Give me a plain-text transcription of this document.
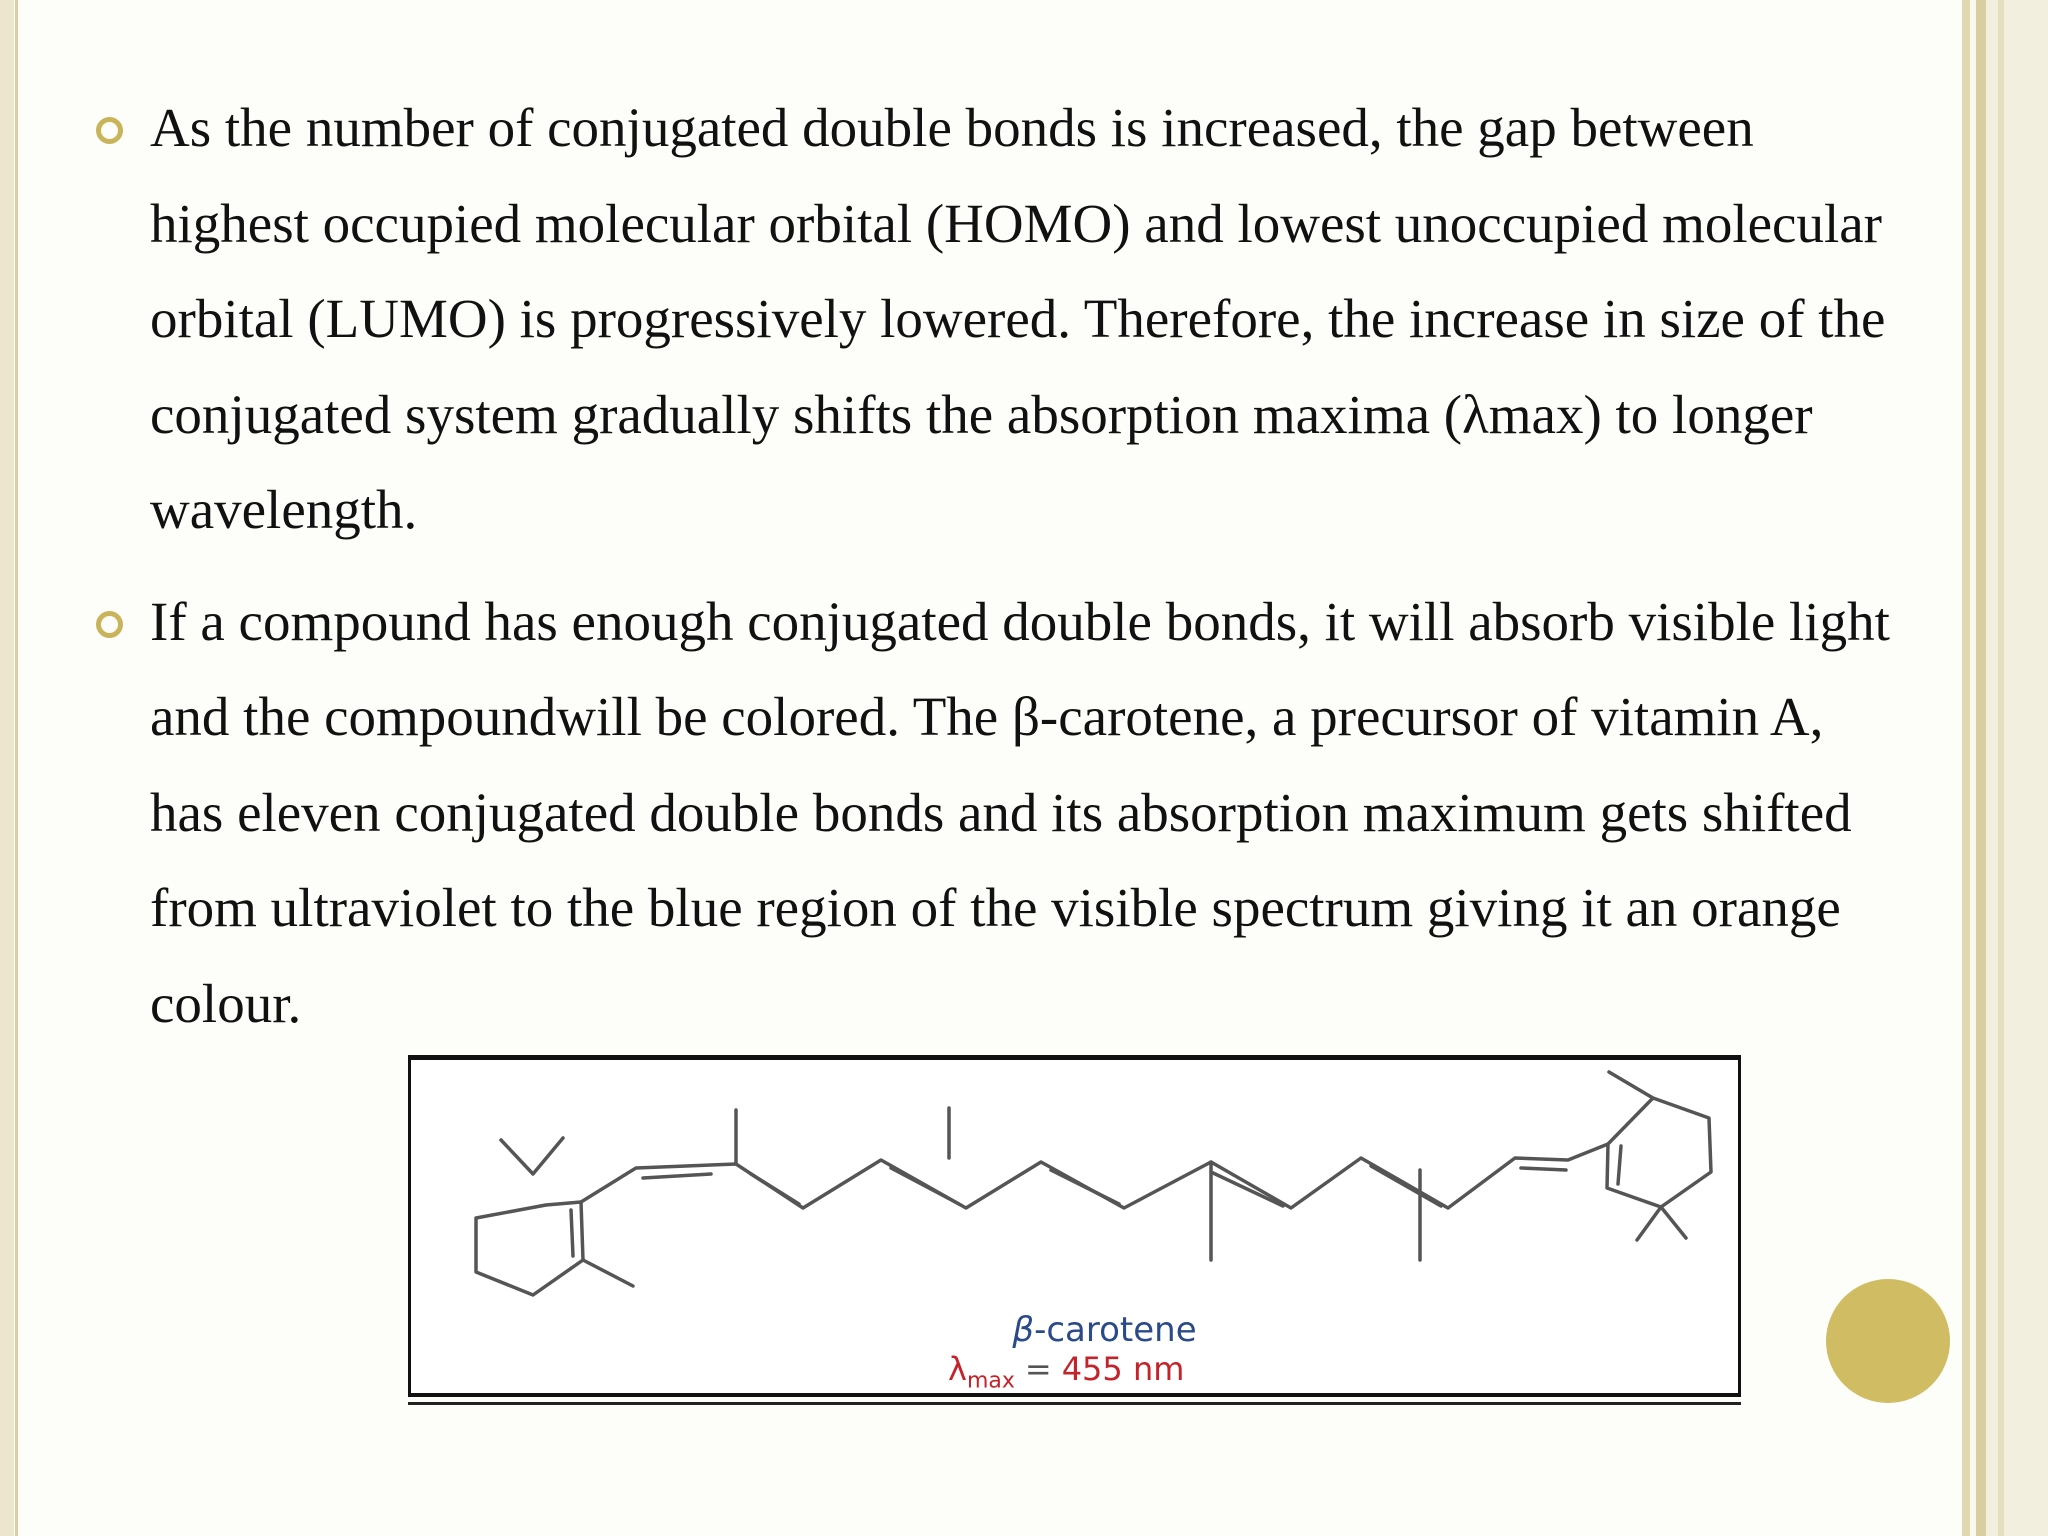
As the number of conjugated double bonds is increased, the gap between highest occupied molecular orbital (HOMO) and lowest unoccupied molecular orbital (LUMO) is progressively lowered. Therefore, the increase in size of the conjugated system gradually shifts the absorption maxima (λmax) to longer wavelength.
If a compound has enough conjugated double bonds, it will absorb visible light and the compoundwill be colored. The β-carotene, a precursor of vitamin A, has eleven conjugated double bonds and its absorption maximum gets shifted from ultraviolet to the blue region of the visible spectrum giving it an orange colour.
β-carotene
$\lambda_{max} = 455$ nm
